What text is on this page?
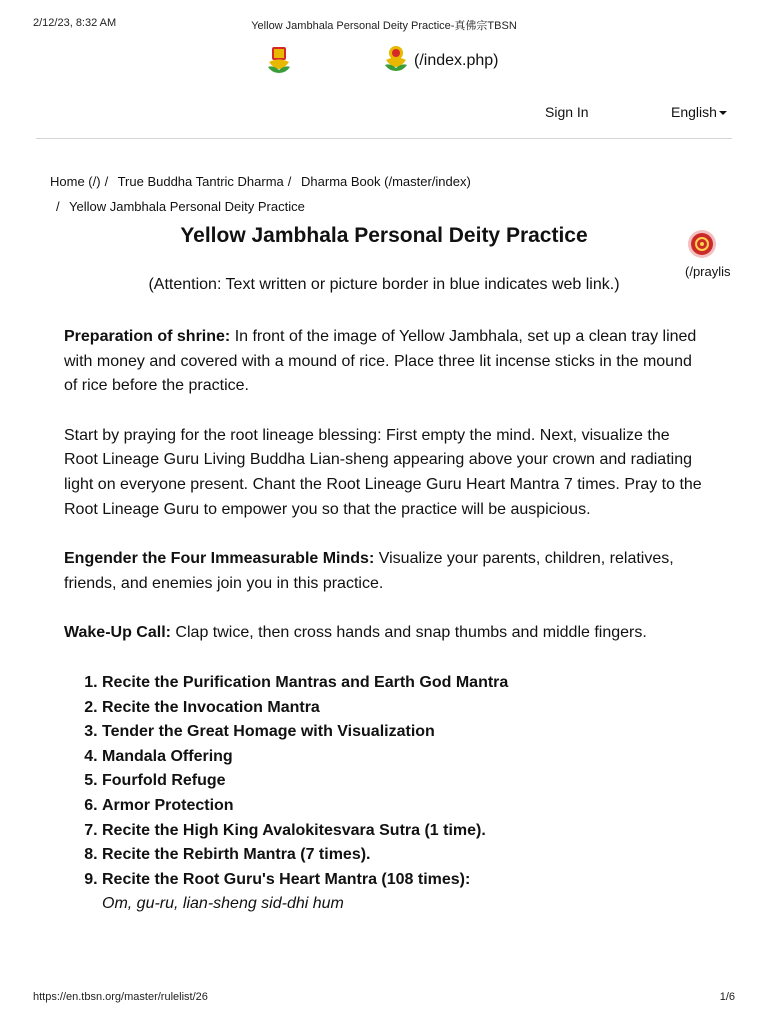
2/12/23, 8:32 AM	Yellow Jambhala Personal Deity Practice-真佛宗TBSN
(/index.php)
Sign In	English
Home (/) / True Buddha Tantric Dharma / Dharma Book (/master/index)
/ Yellow Jambhala Personal Deity Practice
Yellow Jambhala Personal Deity Practice
(/praylis
(Attention: Text written or picture border in blue indicates web link.)

Preparation of shrine: In front of the image of Yellow Jambhala, set up a clean tray lined with money and covered with a mound of rice. Place three lit incense sticks in the mound of rice before the practice.

Start by praying for the root lineage blessing: First empty the mind. Next, visualize the Root Lineage Guru Living Buddha Lian-sheng appearing above your crown and radiating light on everyone present. Chant the Root Lineage Guru Heart Mantra 7 times. Pray to the Root Lineage Guru to empower you so that the practice will be auspicious.

Engender the Four Immeasurable Minds: Visualize your parents, children, relatives, friends, and enemies join you in this practice.

Wake-Up Call: Clap twice, then cross hands and snap thumbs and middle fingers.

1. Recite the Purification Mantras and Earth God Mantra
2. Recite the Invocation Mantra
3. Tender the Great Homage with Visualization
4. Mandala Offering
5. Fourfold Refuge
6. Armor Protection
7. Recite the High King Avalokitesvara Sutra (1 time).
8. Recite the Rebirth Mantra (7 times).
9. Recite the Root Guru's Heart Mantra (108 times):
Om, gu-ru, lian-sheng sid-dhi hum
https://en.tbsn.org/master/rulelist/26	1/6
